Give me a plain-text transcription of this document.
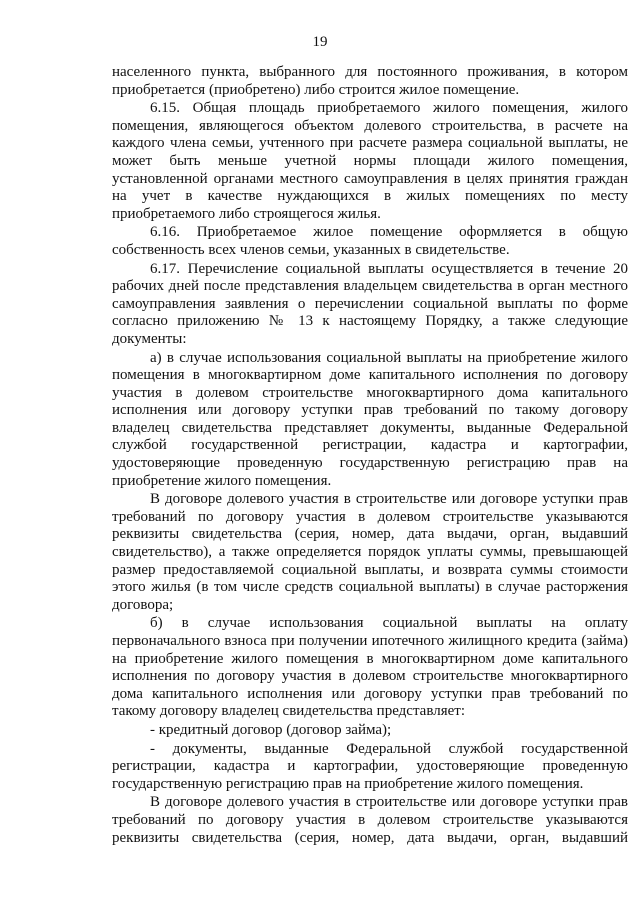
19

населенного пункта, выбранного для постоянного проживания, в котором приобретается (приобретено) либо строится жилое помещение.

6.15. Общая площадь приобретаемого жилого помещения, жилого помещения, являющегося объектом долевого строительства, в расчете на каждого члена семьи, учтенного при расчете размера социальной выплаты, не может быть меньше учетной нормы площади жилого помещения, установленной органами местного самоуправления в целях принятия граждан на учет в качестве нуждающихся в жилых помещениях по месту приобретаемого либо строящегося жилья.

6.16. Приобретаемое жилое помещение оформляется в общую собственность всех членов семьи, указанных в свидетельстве.

6.17. Перечисление социальной выплаты осуществляется в течение 20 рабочих дней после представления владельцем свидетельства в орган местного самоуправления заявления о перечислении социальной выплаты по форме согласно приложению № 13 к настоящему Порядку, а также следующие документы:

а) в случае использования социальной выплаты на приобретение жилого помещения в многоквартирном доме капитального исполнения по договору участия в долевом строительстве многоквартирного дома капитального исполнения или договору уступки прав требований по такому договору владелец свидетельства представляет документы, выданные Федеральной службой государственной регистрации, кадастра и картографии, удостоверяющие проведенную государственную регистрацию прав на приобретение жилого помещения.

В договоре долевого участия в строительстве или договоре уступки прав требований по договору участия в долевом строительстве указываются реквизиты свидетельства (серия, номер, дата выдачи, орган, выдавший свидетельство), а также определяется порядок уплаты суммы, превышающей размер предоставляемой социальной выплаты, и возврата суммы стоимости этого жилья (в том числе средств социальной выплаты) в случае расторжения договора;

б) в случае использования социальной выплаты на оплату первоначального взноса при получении ипотечного жилищного кредита (займа) на приобретение жилого помещения в многоквартирном доме капитального исполнения по договору участия в долевом строительстве многоквартирного дома капитального исполнения или договору уступки прав требований по такому договору владелец свидетельства представляет:

- кредитный договор (договор займа);

- документы, выданные Федеральной службой государственной регистрации, кадастра и картографии, удостоверяющие проведенную государственную регистрацию прав на приобретение жилого помещения.

В договоре долевого участия в строительстве или договоре уступки прав требований по договору участия в долевом строительстве указываются реквизиты свидетельства (серия, номер, дата выдачи, орган, выдавший
